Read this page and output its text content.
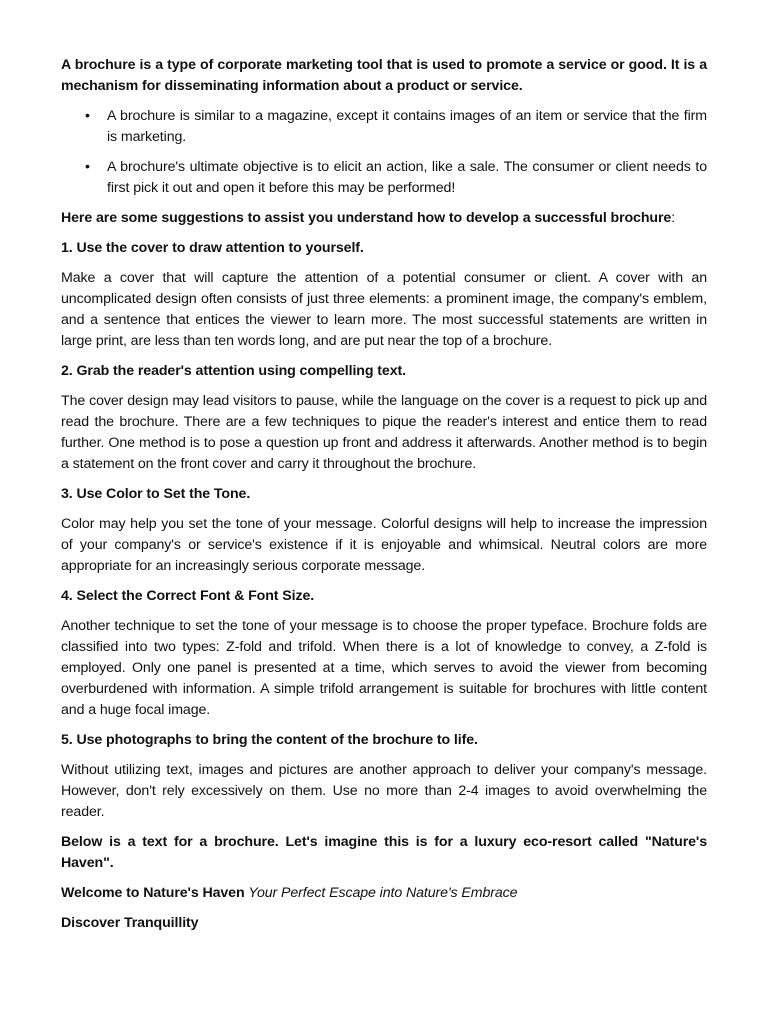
A brochure is a type of corporate marketing tool that is used to promote a service or good. It is a mechanism for disseminating information about a product or service.

• A brochure is similar to a magazine, except it contains images of an item or service that the firm is marketing.
• A brochure's ultimate objective is to elicit an action, like a sale. The consumer or client needs to first pick it out and open it before this may be performed!

Here are some suggestions to assist you understand how to develop a successful brochure:

1. Use the cover to draw attention to yourself.

Make a cover that will capture the attention of a potential consumer or client. A cover with an uncomplicated design often consists of just three elements: a prominent image, the company's emblem, and a sentence that entices the viewer to learn more. The most successful statements are written in large print, are less than ten words long, and are put near the top of a brochure.

2. Grab the reader's attention using compelling text.

The cover design may lead visitors to pause, while the language on the cover is a request to pick up and read the brochure. There are a few techniques to pique the reader's interest and entice them to read further. One method is to pose a question up front and address it afterwards. Another method is to begin a statement on the front cover and carry it throughout the brochure.

3. Use Color to Set the Tone.

Color may help you set the tone of your message. Colorful designs will help to increase the impression of your company's or service's existence if it is enjoyable and whimsical. Neutral colors are more appropriate for an increasingly serious corporate message.

4. Select the Correct Font & Font Size.

Another technique to set the tone of your message is to choose the proper typeface. Brochure folds are classified into two types: Z-fold and trifold. When there is a lot of knowledge to convey, a Z-fold is employed. Only one panel is presented at a time, which serves to avoid the viewer from becoming overburdened with information. A simple trifold arrangement is suitable for brochures with little content and a huge focal image.

5. Use photographs to bring the content of the brochure to life.

Without utilizing text, images and pictures are another approach to deliver your company's message. However, don't rely excessively on them. Use no more than 2-4 images to avoid overwhelming the reader.

Below is a text for a brochure. Let's imagine this is for a luxury eco-resort called "Nature's Haven".

Welcome to Nature's Haven Your Perfect Escape into Nature's Embrace

Discover Tranquillity
